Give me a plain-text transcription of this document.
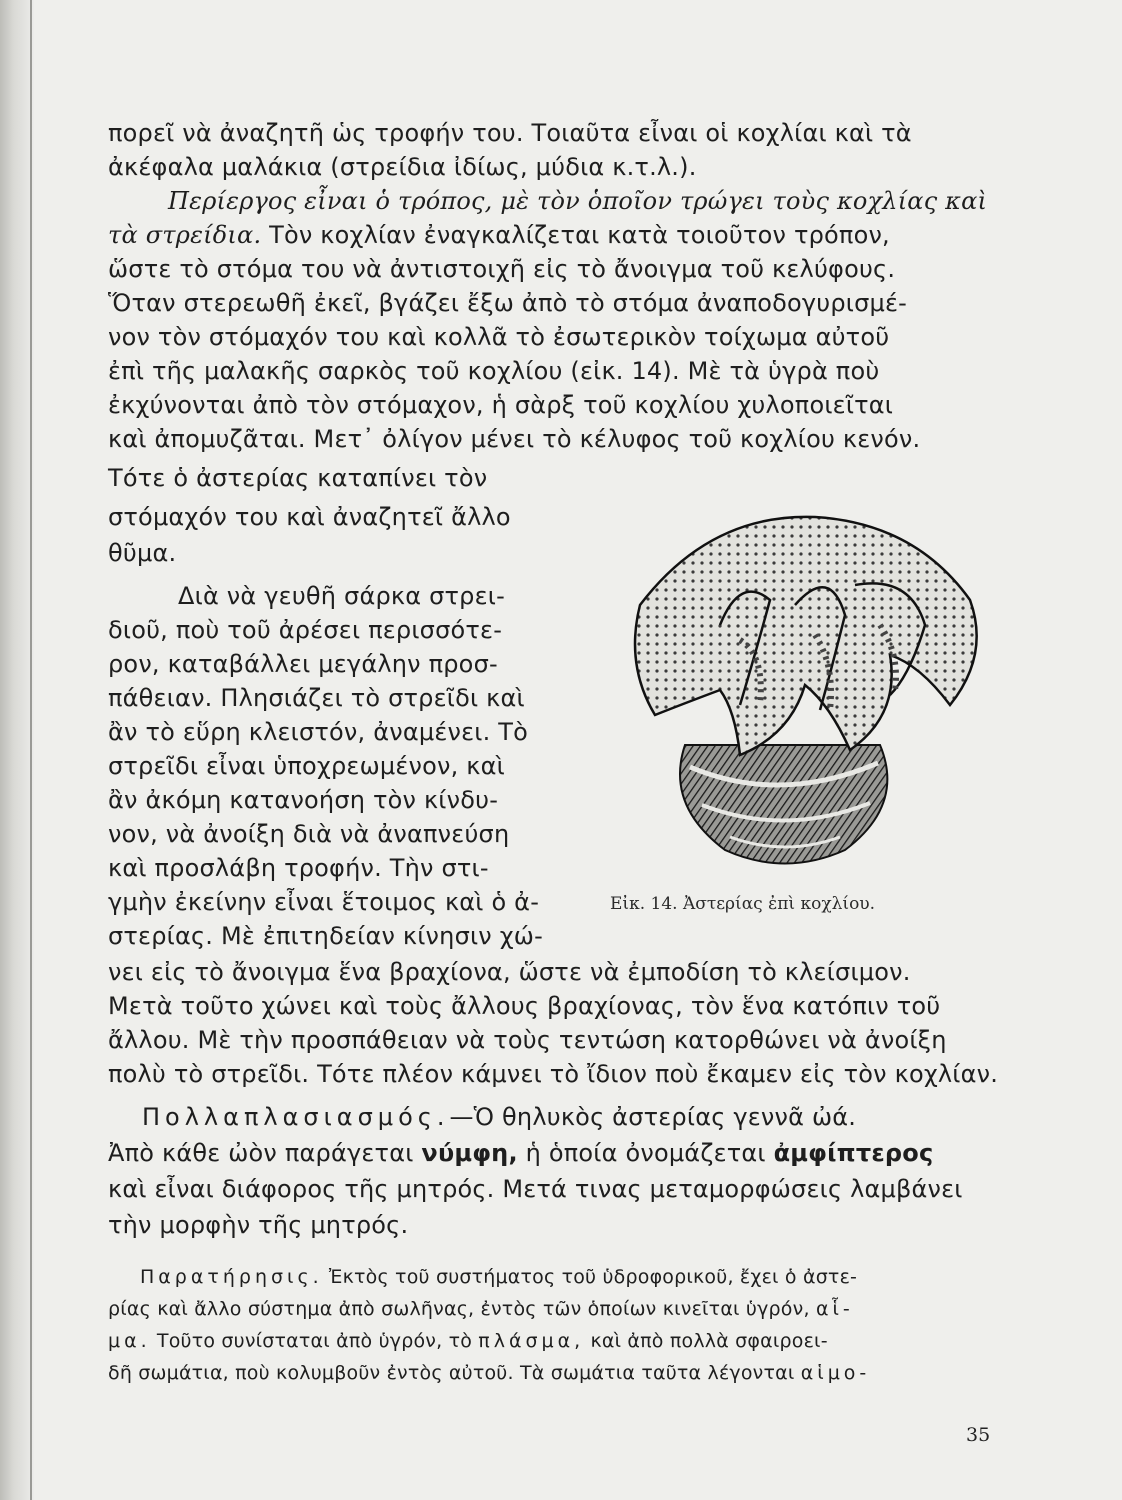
πορεῖ νὰ ἀναζητῆ ὡς τροφήν του. Τοιαῦτα εἶναι οἱ κοχλίαι καὶ τὰ
ἀκέφαλα μαλάκια (στρείδια ἰδίως, μύδια κ.τ.λ.).
Περίεργος εἶναι ὁ τρόπος, μὲ τὸν ὁποῖον τρώγει τοὺς κοχλίας καὶ
τὰ στρείδια. Τὸν κοχλίαν ἐναγκαλίζεται κατὰ τοιοῦτον τρόπον,
ὥστε τὸ στόμα του νὰ ἀντιστοιχῆ εἰς τὸ ἄνοιγμα τοῦ κελύφους.
Ὅταν στερεωθῆ ἐκεῖ, βγάζει ἔξω ἀπὸ τὸ στόμα ἀναποδογυρισμέ-
νον τὸν στόμαχόν του καὶ κολλᾶ τὸ ἐσωτερικὸν τοίχωμα αὐτοῦ
ἐπὶ τῆς μαλακῆς σαρκὸς τοῦ κοχλίου (εἰκ. 14). Μὲ τὰ ὑγρὰ ποὺ
ἐκχύνονται ἀπὸ τὸν στόμαχον, ἡ σὰρξ τοῦ κοχλίου χυλοποιεῖται
καὶ ἀπομυζᾶται. Μετ᾽ ὀλίγον μένει τὸ κέλυφος τοῦ κοχλίου κενόν.
Τότε ὁ ἀστερίας καταπίνει τὸν
στόμαχόν του καὶ ἀναζητεῖ ἄλλο
θῦμα.
Διὰ νὰ γευθῆ σάρκα στρει-
διοῦ, ποὺ τοῦ ἀρέσει περισσότε-
ρον, καταβάλλει μεγάλην προσ-
πάθειαν. Πλησιάζει τὸ στρεῖδι καὶ
ἂν τὸ εὕρη κλειστόν, ἀναμένει. Τὸ
στρεῖδι εἶναι ὑποχρεωμένον, καὶ
ἂν ἀκόμη κατανοήση τὸν κίνδυ-
νον, νὰ ἀνοίξη διὰ νὰ ἀναπνεύση
καὶ προσλάβη τροφήν. Τὴν στι-
γμὴν ἐκείνην εἶναι ἕτοιμος καὶ ὁ ἀ-
στερίας. Μὲ ἐπιτηδείαν κίνησιν χώ-
νει εἰς τὸ ἄνοιγμα ἕνα βραχίονα, ὥστε νὰ ἐμποδίση τὸ κλείσιμον.
Μετὰ τοῦτο χώνει καὶ τοὺς ἄλλους βραχίονας, τὸν ἕνα κατόπιν τοῦ
ἄλλου. Μὲ τὴν προσπάθειαν νὰ τοὺς τεντώση κατορθώνει νὰ ἀνοίξη
πολὺ τὸ στρεῖδι. Τότε πλέον κάμνει τὸ ἴδιον ποὺ ἔκαμεν εἰς τὸν κοχλίαν.
Πολλαπλασιασμός.—Ὁ θηλυκὸς ἀστερίας γεννᾶ ὠά.
Ἀπὸ κάθε ὠὸν παράγεται νύμφη, ἡ ὁποία ὀνομάζεται ἀμφίπτερος
καὶ εἶναι διάφορος τῆς μητρός. Μετά τινας μεταμορφώσεις λαμβάνει
τὴν μορφὴν τῆς μητρός.
Παρατήρησις. Ἐκτὸς τοῦ συστήματος τοῦ ὑδροφορικοῦ, ἔχει ὁ ἀστε-
ρίας καὶ ἄλλο σύστημα ἀπὸ σωλῆνας, ἐντὸς τῶν ὁποίων κινεῖται ὑγρόν, αἷ-
μα. Τοῦτο συνίσταται ἀπὸ ὑγρόν, τὸ πλάσμα, καὶ ἀπὸ πολλὰ σφαιροει-
δῆ σωμάτια, ποὺ κολυμβοῦν ἐντὸς αὐτοῦ. Τὰ σωμάτια ταῦτα λέγονται αἱμο-
Εἰκ. 14. Ἀστερίας ἐπὶ κοχλίου.
35
